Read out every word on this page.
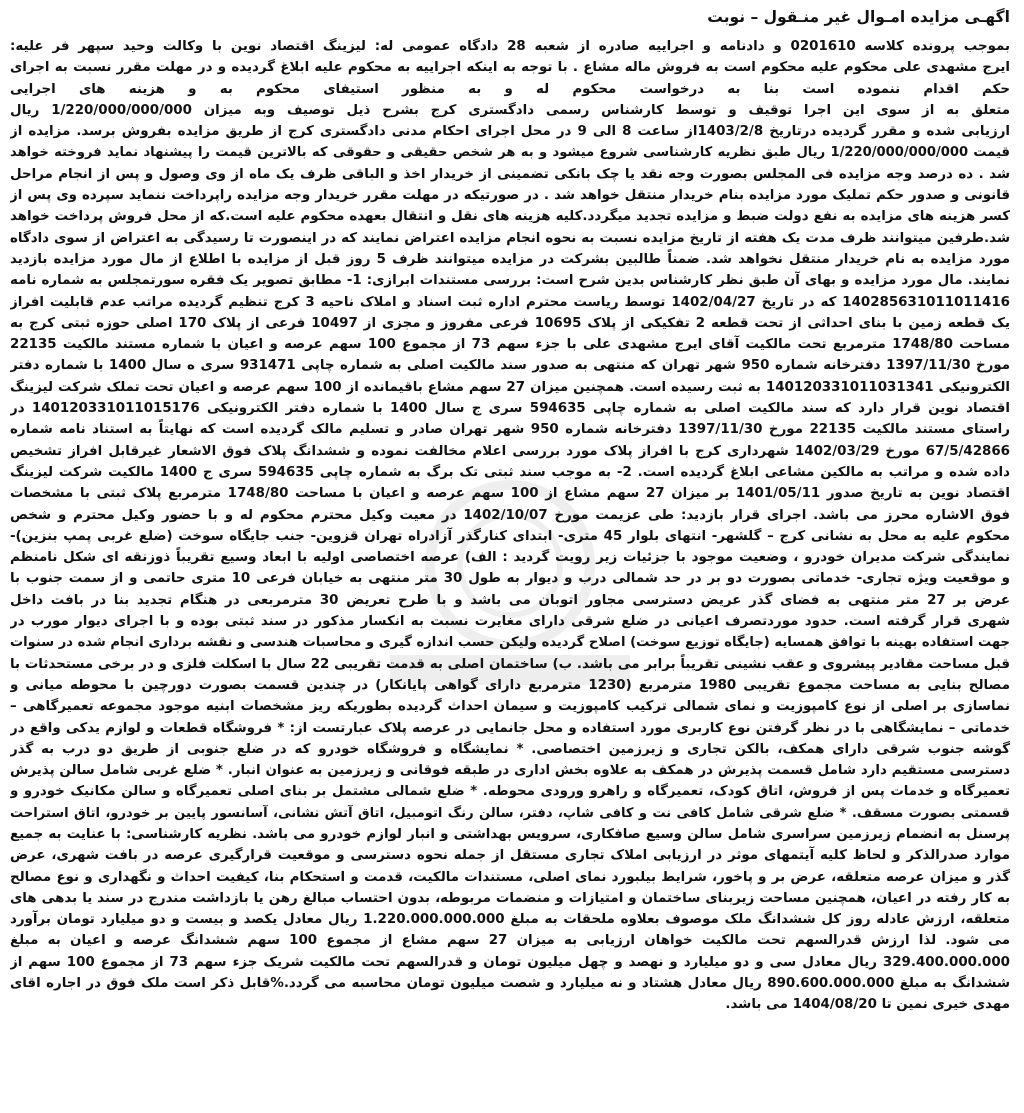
اگهـی مزایده امـوال غیر منـقول – نوبت
بموجب پرونده کلاسه 0201610 و دادنامه و اجراییه صادره از شعبه 28 دادگاه عمومی له: لیزینگ اقتصاد نوین با وکالت وحید سپهر فر علیه:
ایرج مشهدی علی محکوم علیه محکوم است به فروش ماله مشاع . با توجه به اینکه اجراییه به محکوم علیه ابلاغ گردیده و در مهلت مقرر نسبت به اجرای
حکم اقدام ننموده است بنا به درخواست محکوم له و به منظور استیفای محکوم به و هزینه های اجرایی
متعلق به از سوی این اجرا توقیف و توسط کارشناس رسمی دادگستری کرج بشرح ذیل توصیف وبه میزان 1/220/000/000/000 ریال
ارزیابی شده و مقرر گردیده درتاریخ 1403/2/8از ساعت 8 الی 9 در محل اجرای احکام مدنی دادگستری کرج از طریق مزایده بفروش برسد. مزایده از
قیمت 1/220/000/000/000 ریال طبق نظریه کارشناسی شروع میشود و به هر شخص حقیقی و حقوقی که بالاترین قیمت را پیشنهاد نماید فروخته خواهد
شد . ده درصد وجه مزایده فی المجلس بصورت وجه نقد یا چک بانکی تضمینی از خریدار اخذ و الباقی ظرف یک ماه از وی وصول و پس از انجام مراحل
قانونی و صدور حکم تملیک مورد مزایده بنام خریدار منتقل خواهد شد . در صورتیکه در مهلت مقرر خریدار وجه مزایده راپرداخت ننماید سپرده وی پس از
کسر هزینه های مزایده به نفع دولت ضبط و مزایده تجدید میگردد.کلیه هزینه های نقل و انتقال بعهده محکوم علیه است.که از محل فروش پرداخت خواهد
شد.طرفین میتوانند ظرف مدت یک هفته از تاریخ مزایده نسبت به نحوه انجام مزایده اعتراض نمایند که در اینصورت تا رسیدگی به اعتراض از سوی دادگاه
مورد مزایده به نام خریدار منتقل نخواهد شد. ضمناً طالبین بشرکت در مزایده میتوانند ظرف 5 روز قبل از مزایده با اطلاع از مال مورد مزایده بازدید
نمایند. مال مورد مزایده و بهای آن طبق نظر کارشناس بدین شرح است: بررسی مستندات ابرازی: 1- مطابق تصویر یک فقره سورتمجلس به شماره نامه
140285631011011416 که در تاریخ 1402/04/27 توسط ریاست محترم اداره ثبت اسناد و املاک ناحیه 3 کرج تنظیم گردیده مراتب عدم قابلیت افراز
یک قطعه زمین با بنای احداثی از تحت قطعه 2 تفکیکی از پلاک 10695 فرعی مفروز و مجزی از 10497 فرعی از پلاک 170 اصلی حوزه ثبتی کرج به
مساحت 1748/80 مترمربع تحت مالکیت آقای ایرج مشهدی علی با جزء سهم 73 از مجموع 100 سهم عرصه و اعیان با شماره مستند مالکیت 22135
مورخ 1397/11/30 دفترخانه شماره 950 شهر تهران که منتهی به صدور سند مالکیت اصلی به شماره چاپی 931471 سری ه سال 1400 با شماره دفتر
الکترونیکی 140120331011031341 به ثبت رسیده است. همچنین میزان 27 سهم مشاع باقیمانده از 100 سهم عرصه و اعیان تحت تملک شرکت لیزینگ
اقتصاد نوین قرار دارد که سند مالکیت اصلی به شماره چاپی 594635 سری ج سال 1400 با شماره دفتر الکترونیکی 140120331011015176 در
راستای مستند مالکیت 22135 مورخ 1397/11/30 دفترخانه شماره 950 شهر تهران صادر و تسلیم مالک گردیده است که نهایتاً به استناد نامه شماره
67/5/42866 مورخ 1402/03/29 شهرداری کرج با افراز پلاک مورد بررسی اعلام مخالفت نموده و ششدانگ پلاک فوق الاشعار غیرقابل افراز تشخیص
داده شده و مراتب به مالکین مشاعی ابلاغ گردیده است. 2- به موجب سند ثبتی تک برگ به شماره چاپی 594635 سری ج 1400 مالکیت شرکت لیزینگ
اقتصاد نوین به تاریخ صدور 1401/05/11 بر میزان 27 سهم مشاع از 100 سهم عرصه و اعیان با مساحت 1748/80 مترمربع پلاک ثبتی با مشخصات
فوق الاشاره محرز می باشد. اجرای قرار بازدید: طی عزیمت مورخ 1402/10/07 در معیت وکیل محترم محکوم له و با حضور وکیل محترم و شخص
محکوم علیه به محل به نشانی کرج – گلشهر- انتهای بلوار 45 متری- ابتدای کنارگذر آزادراه تهران قزوین- جنب جایگاه سوخت (ضلع غربی پمپ بنزین)-
نمایندگی شرکت مدیران خودرو ، وضعیت موجود با جزئیات زیر رویت گردید : الف) عرصه اختصاصی اولیه با ابعاد وسیع تقریباً ذوزنقه ای شکل نامنظم
و موقعیت ویژه تجاری- خدماتی بصورت دو بر در حد شمالی درب و دیوار به طول 30 متر منتهی به خیابان فرعی 10 متری حاتمی و از سمت جنوب با
عرض بر 27 متر منتهی به فضای گذر عریض دسترسی مجاور اتوبان می باشد و با طرح تعریض 30 مترمربعی در هنگام تجدید بنا در بافت داخل
شهری قرار گرفته است. حدود موردتصرف اعیانی در ضلع شرقی دارای مغایرت نسبت به انکسار مذکور در سند ثبتی بوده و با اجرای دیوار مورب در
جهت استفاده بهینه با توافق همسایه (جایگاه توزیع سوخت) اصلاح گردیده ولیکن حسب اندازه گیری و محاسبات هندسی و نقشه برداری انجام شده در سنوات
قبل مساحت مقادیر پیشروی و عقب نشینی تقریباً برابر می باشد. ب) ساختمان اصلی به قدمت تقریبی 22 سال با اسکلت فلزی و در برخی مستحدثات با
مصالح بنایی به مساحت مجموع تقریبی 1980 مترمربع (1230 مترمربع دارای گواهی پایانکار) در چندین قسمت بصورت دورچین با محوطه میانی و
نماسازی بر اصلی از نوع کامپوزیت و نمای شمالی ترکیب کامپوزیت و سیمان احداث گردیده بطوریکه ریز مشخصات ابنیه موجود مجموعه تعمیرگاهی –
خدماتی – نمایشگاهی با در نظر گرفتن نوع کاربری مورد استفاده و محل جانمایی در عرصه پلاک عبارتست از: * فروشگاه قطعات و لوازم یدکی واقع در
گوشه جنوب شرقی دارای همکف، بالکن تجاری و زیرزمین اختصاصی. * نمایشگاه و فروشگاه خودرو که در ضلع جنوبی از طریق دو درب به گذر
دسترسی مستقیم دارد شامل قسمت پذیرش در همکف به علاوه بخش اداری در طبقه فوقانی و زیرزمین به عنوان انبار. * ضلع غربی شامل سالن پذیرش
تعمیرگاه و خدمات پس از فروش، اتاق کودک، تعمیرگاه و راهرو ورودی محوطه. * ضلع شمالی مشتمل بر بنای اصلی تعمیرگاه و سالن مکانیک خودرو و
قسمتی بصورت مسقف. * ضلع شرقی شامل کافی نت و کافی شاپ، دفتر، سالن رنگ اتومبیل، اتاق آتش نشانی، آسانسور پایین بر خودرو، اتاق استراحت
پرسنل به انضمام زیرزمین سراسری شامل سالن وسیع صافکاری، سرویس بهداشتی و انبار لوازم خودرو می باشد. نظریه کارشناسی: با عنایت به جمیع
موارد صدرالذکر و لحاظ کلیه آیتمهای موثر در ارزیابی املاک تجاری مستقل از جمله نحوه دسترسی و موقعیت قرارگیری عرصه در بافت شهری، عرض
گذر و میزان عرصه متعلقه، عرض بر و پاخور، شرایط بیلبورد نمای اصلی، مستندات مالکیت، قدمت و استحکام بنا، کیفیت احداث و نگهداری و نوع مصالح
به کار رفته در اعیان، همچنین مساحت زیربنای ساختمان و امتیازات و منضمات مربوطه، بدون احتساب مبالغ رهن یا بازداشت مندرج در سند یا بدهی های
متعلقه، ارزش عادله روز کل ششدانگ ملک موصوف بعلاوه ملحقات به مبلغ 1.220.000.000.000 ریال معادل یکصد و بیست و دو میلیارد تومان برآورد
می شود. لذا ارزش قدرالسهم تحت مالکیت خواهان ارزیابی به میزان 27 سهم مشاع از مجموع 100 سهم ششدانگ عرصه و اعیان به مبلغ
329.400.000.000 ریال معادل سی و دو میلیارد و نهصد و چهل میلیون تومان و قدرالسهم تحت مالکیت شریک جزء سهم 73 از مجموع 100 سهم از
ششدانگ به مبلغ 890.600.000.000 ریال معادل هشتاد و نه میلیارد و شصت میلیون تومان محاسبه می گردد.%قابل ذکر است ملک فوق در اجاره اقای
مهدی خیری نمین تا 1404/08/20 می باشد.
